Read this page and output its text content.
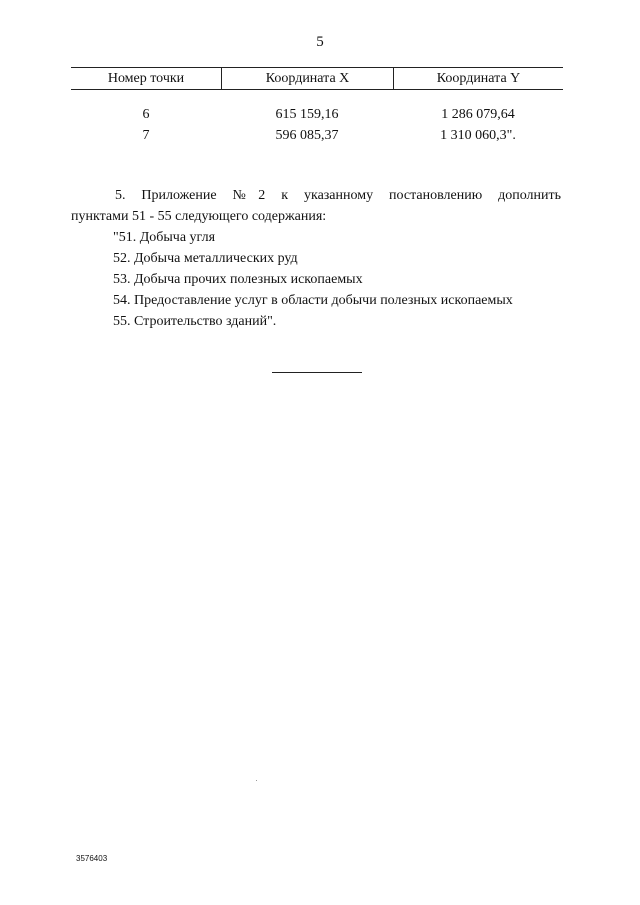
5
Номер точки	Координата X	Координата Y
6	615 159,16	1 286 079,64
7	596 085,37	1 310 060,3".

5. Приложение №2 к указанному постановлению дополнить

пунктами 51 - 55 следующего содержания:

"51. Добыча угля

52. Добыча металлических руд

53. Добыча прочих полезных ископаемых

54. Предоставление услуг в области добычи полезных ископаемых

55. Строительство зданий".

3576403
